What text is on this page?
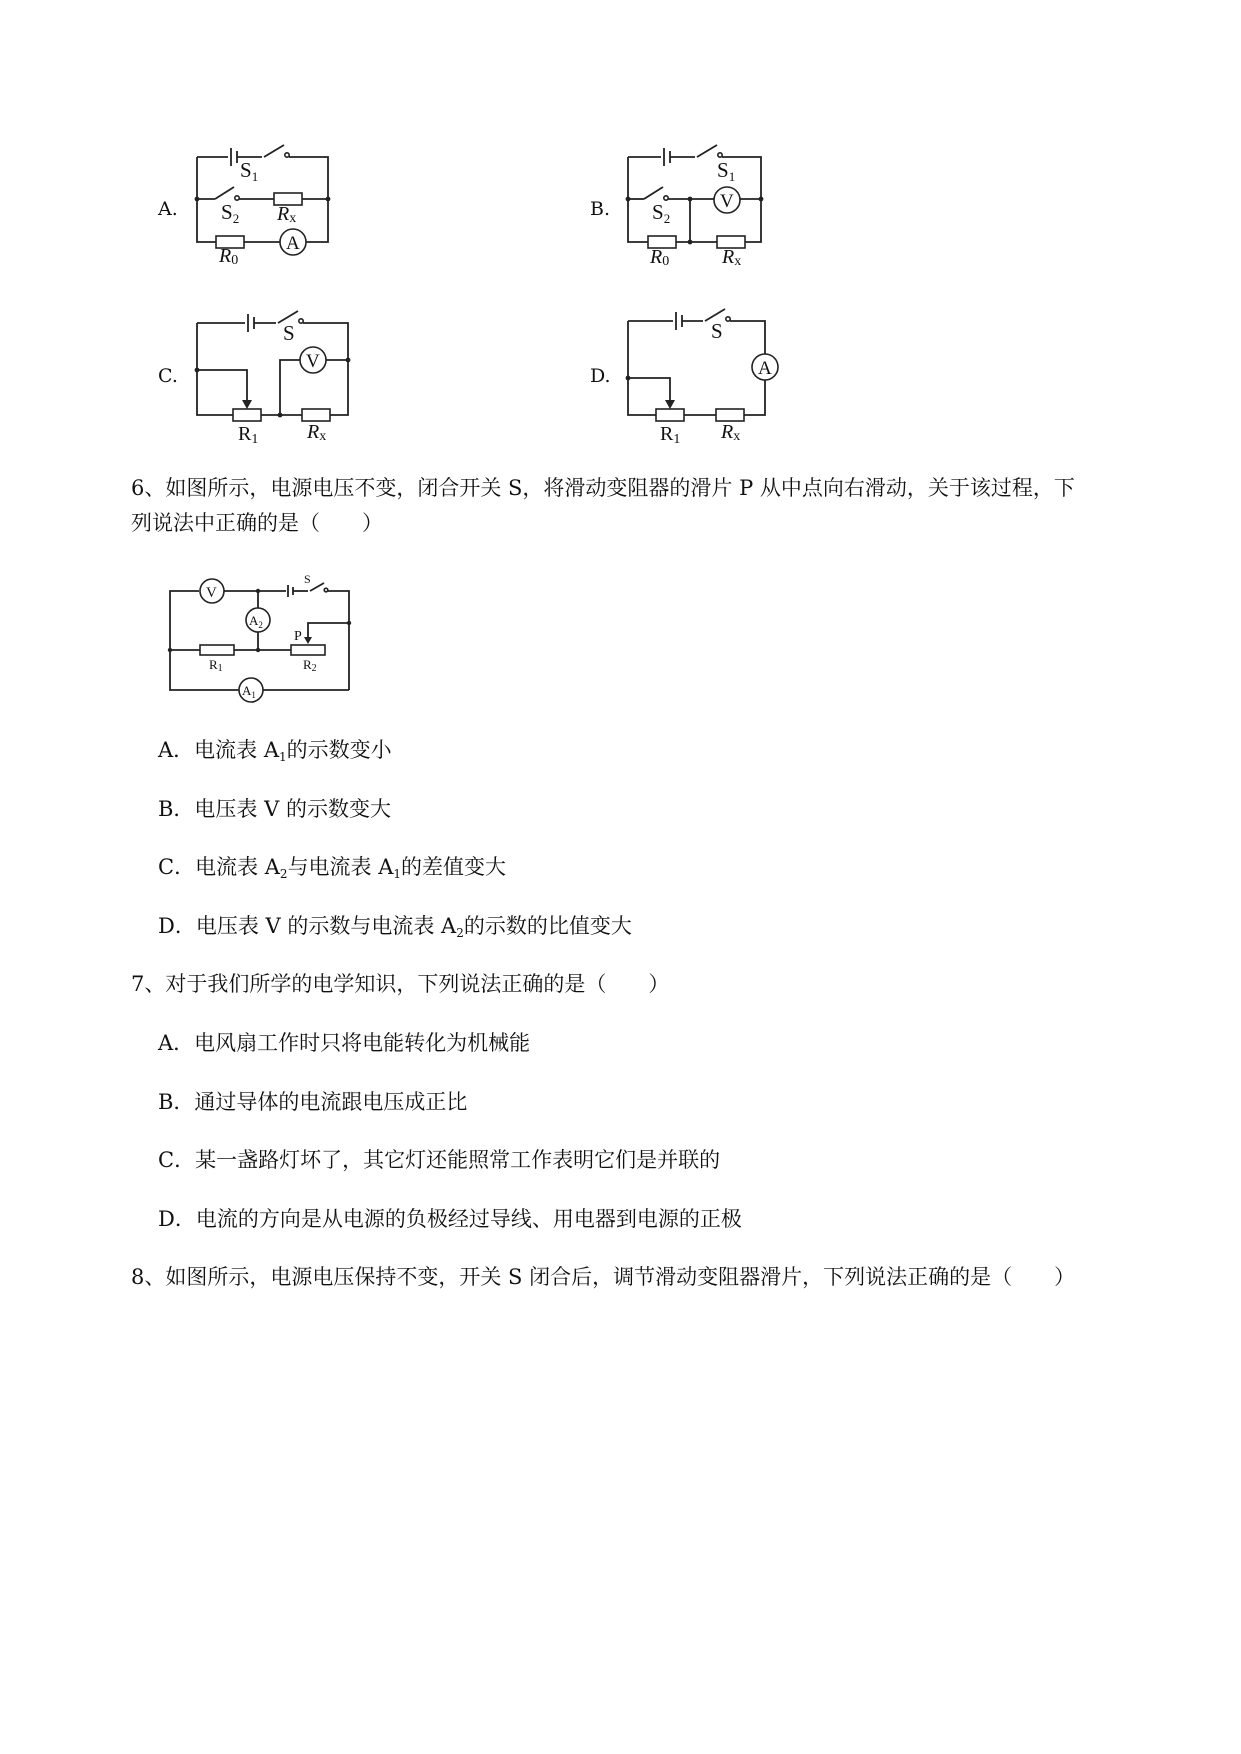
A.
A
S1
S2 Rx
R0
B.	V
S1
S2
R0	Rx
C.
V
S
R1 Rx
D.	A
S
R1 Rx
6、如图所示，电源电压不变，闭合开关 S，将滑动变阻器的滑片 P 从中点向右滑动，关于该过程，下
列说法中正确的是（　　）
V
$A_2$
$A_1$
S
P
R1	R2
A．电流表 $A_1$的示数变小
B．电压表 V 的示数变大
C．电流表 $A_2$与电流表 $A_1$的差值变大
D．电压表 V 的示数与电流表 $A_2$的示数的比值变大
7、对于我们所学的电学知识，下列说法正确的是（　　）
A．电风扇工作时只将电能转化为机械能
B．通过导体的电流跟电压成正比
C．某一盏路灯坏了，其它灯还能照常工作表明它们是并联的
D．电流的方向是从电源的负极经过导线、用电器到电源的正极
8、如图所示，电源电压保持不变，开关 S 闭合后，调节滑动变阻器滑片，下列说法正确的是（　　）
